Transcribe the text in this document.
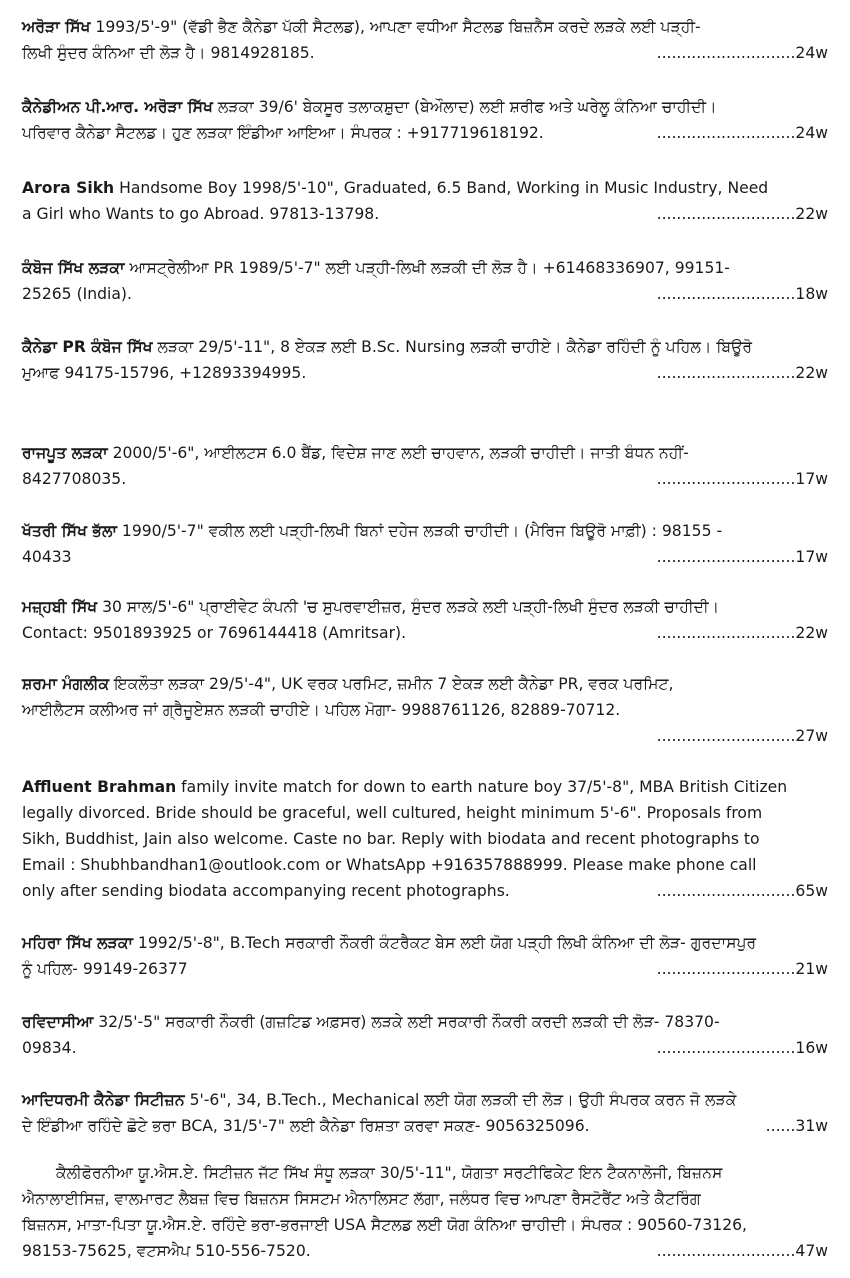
ਅਰੋੜਾ ਸਿੱਖ 1993/5'-9" (ਵੱਡੀ ਭੈਣ ਕੈਨੇਡਾ ਪੱਕੀ ਸੈਟਲਡ), ਆਪਣਾ ਵਧੀਆ ਸੈਟਲਡ ਬਿਜ਼ਨੈਸ ਕਰਦੇ ਲੜਕੇ ਲਈ ਪੜ੍ਹੀ-

ਲਿਖੀ ਸੁੰਦਰ ਕੰਨਿਆ ਦੀ ਲੋੜ ਹੈ। 9814928185.	............................24w

ਕੈਨੇਡੀਅਨ ਪੀ.ਆਰ. ਅਰੋੜਾ ਸਿੱਖ ਲੜਕਾ 39/6' ਬੇਕਸੂਰ ਤਲਾਕਸ਼ੁਦਾ (ਬੇਔਲਾਦ) ਲਈ ਸ਼ਰੀਫ ਅਤੇ ਘਰੇਲੂ ਕੰਨਿਆ ਚਾਹੀਦੀ।

ਪਰਿਵਾਰ ਕੈਨੇਡਾ ਸੈਟਲਡ। ਹੁਣ ਲੜਕਾ ਇੰਡੀਆ ਆਇਆ। ਸੰਪਰਕ : +917719618192.	............................24w

Arora Sikh Handsome Boy 1998/5'-10", Graduated, 6.5 Band, Working in Music Industry, Need

a Girl who Wants to go Abroad. 97813-13798.	............................22w

ਕੰਬੋਜ ਸਿੱਖ ਲੜਕਾ ਆਸਟ੍ਰੇਲੀਆ PR 1989/5'-7" ਲਈ ਪੜ੍ਹੀ-ਲਿਖੀ ਲੜਕੀ ਦੀ ਲੋੜ ਹੈ। +61468336907, 99151-

25265 (India).	............................18w

ਕੈਨੇਡਾ PR ਕੰਬੋਜ ਸਿੱਖ ਲੜਕਾ 29/5'-11", 8 ਏਕੜ ਲਈ B.Sc. Nursing ਲੜਕੀ ਚਾਹੀਏ। ਕੈਨੇਡਾ ਰਹਿੰਦੀ ਨੂੰ ਪਹਿਲ। ਬਿਊਰੋ

ਮੁਆਫ 94175-15796, +12893394995.	............................22w

ਰਾਜਪੂਤ ਲੜਕਾ 2000/5'-6", ਆਈਲਟਸ 6.0 ਬੈਂਡ, ਵਿਦੇਸ਼ ਜਾਣ ਲਈ ਚਾਹਵਾਨ, ਲੜਕੀ ਚਾਹੀਦੀ। ਜਾਤੀ ਬੰਧਨ ਨਹੀਂ-

8427708035.	............................17w

ਖੱਤਰੀ ਸਿੱਖ ਭੱਲਾ 1990/5'-7" ਵਕੀਲ ਲਈ ਪੜ੍ਹੀ-ਲਿਖੀ ਬਿਨਾਂ ਦਹੇਜ ਲੜਕੀ ਚਾਹੀਦੀ। (ਮੈਰਿਜ ਬਿਊਰੋ ਮਾਫ਼ੀ) : 98155 -

40433	............................17w

ਮਜ਼੍ਹਬੀ ਸਿੱਖ 30 ਸਾਲ/5'-6" ਪ੍ਰਾਈਵੇਟ ਕੰਪਨੀ 'ਚ ਸੁਪਰਵਾਈਜ਼ਰ, ਸੁੰਦਰ ਲੜਕੇ ਲਈ ਪੜ੍ਹੀ-ਲਿਖੀ ਸੁੰਦਰ ਲੜਕੀ ਚਾਹੀਦੀ।

Contact: 9501893925 or 7696144418 (Amritsar).	............................22w

ਸ਼ਰਮਾ ਮੰਗਲੀਕ ਇਕਲੌਤਾ ਲੜਕਾ 29/5'-4", UK ਵਰਕ ਪਰਮਿਟ, ਜ਼ਮੀਨ 7 ਏਕੜ ਲਈ ਕੈਨੇਡਾ PR, ਵਰਕ ਪਰਮਿਟ,

ਆਈਲੈਟਸ ਕਲੀਅਰ ਜਾਂ ਗ੍ਰੈਜੂਏਸ਼ਨ ਲੜਕੀ ਚਾਹੀਏ। ਪਹਿਲ ਮੋਗਾ- 9988761126, 82889-70712.

............................27w

Affluent Brahman family invite match for down to earth nature boy 37/5'-8", MBA British Citizen

legally divorced. Bride should be graceful, well cultured, height minimum 5'-6". Proposals from

Sikh, Buddhist, Jain also welcome. Caste no bar. Reply with biodata and recent photographs to

Email : Shubhbandhan1@outlook.com or WhatsApp +916357888999. Please make phone call

only after sending biodata accompanying recent photographs.	............................65w

ਮਹਿਰਾ ਸਿੱਖ ਲੜਕਾ 1992/5'-8", B.Tech ਸਰਕਾਰੀ ਨੌਕਰੀ ਕੰਟਰੈਕਟ ਬੇਸ ਲਈ ਯੋਗ ਪੜ੍ਹੀ ਲਿਖੀ ਕੰਨਿਆ ਦੀ ਲੋੜ- ਗੁਰਦਾਸਪੁਰ

ਨੂੰ ਪਹਿਲ- 99149-26377	............................21w

ਰਵਿਦਾਸੀਆ 32/5'-5" ਸਰਕਾਰੀ ਨੌਕਰੀ (ਗਜ਼ਟਿਡ ਅਫ਼ਸਰ) ਲੜਕੇ ਲਈ ਸਰਕਾਰੀ ਨੌਕਰੀ ਕਰਦੀ ਲੜਕੀ ਦੀ ਲੋੜ- 78370-

09834.	............................16w

ਆਦਿਧਰਮੀ ਕੈਨੇਡਾ ਸਿਟੀਜ਼ਨ 5'-6", 34, B.Tech., Mechanical ਲਈ ਯੋਗ ਲੜਕੀ ਦੀ ਲੋੜ। ਉਹੀ ਸੰਪਰਕ ਕਰਨ ਜੋ ਲੜਕੇ

ਦੇ ਇੰਡੀਆ ਰਹਿੰਦੇ ਛੋਟੇ ਭਰਾ BCA, 31/5'-7" ਲਈ ਕੈਨੇਡਾ ਰਿਸ਼ਤਾ ਕਰਵਾ ਸਕਣ- 9056325096.	......31w

ਕੈਲੀਫੋਰਨੀਆ ਯੂ.ਐਸ.ਏ. ਸਿਟੀਜ਼ਨ ਜੱਟ ਸਿੱਖ ਸੰਧੂ ਲੜਕਾ 30/5'-11", ਯੋਗਤਾ ਸਰਟੀਫਿਕੇਟ ਇਨ ਟੈਕਨਾਲੋਜੀ, ਬਿਜ਼ਨਸ

ਐਨਾਲਾਈਸਿਜ਼, ਵਾਲਮਾਰਟ ਲੈਬਜ਼ ਵਿਚ ਬਿਜ਼ਨਸ ਸਿਸਟਮ ਐਨਾਲਿਸਟ ਲੱਗਾ, ਜਲੰਧਰ ਵਿਚ ਆਪਣਾ ਰੈਸਟੋਰੈਂਟ ਅਤੇ ਕੈਟਰਿੰਗ

ਬਿਜ਼ਨਸ, ਮਾਤਾ-ਪਿਤਾ ਯੂ.ਐਸ.ਏ. ਰਹਿੰਦੇ ਭਰਾ-ਭਰਜਾਈ USA ਸੈਟਲਡ ਲਈ ਯੋਗ ਕੰਨਿਆ ਚਾਹੀਦੀ। ਸੰਪਰਕ : 90560-73126,

98153-75625, ਵਟਸਐਪ 510-556-7520.	............................47w
